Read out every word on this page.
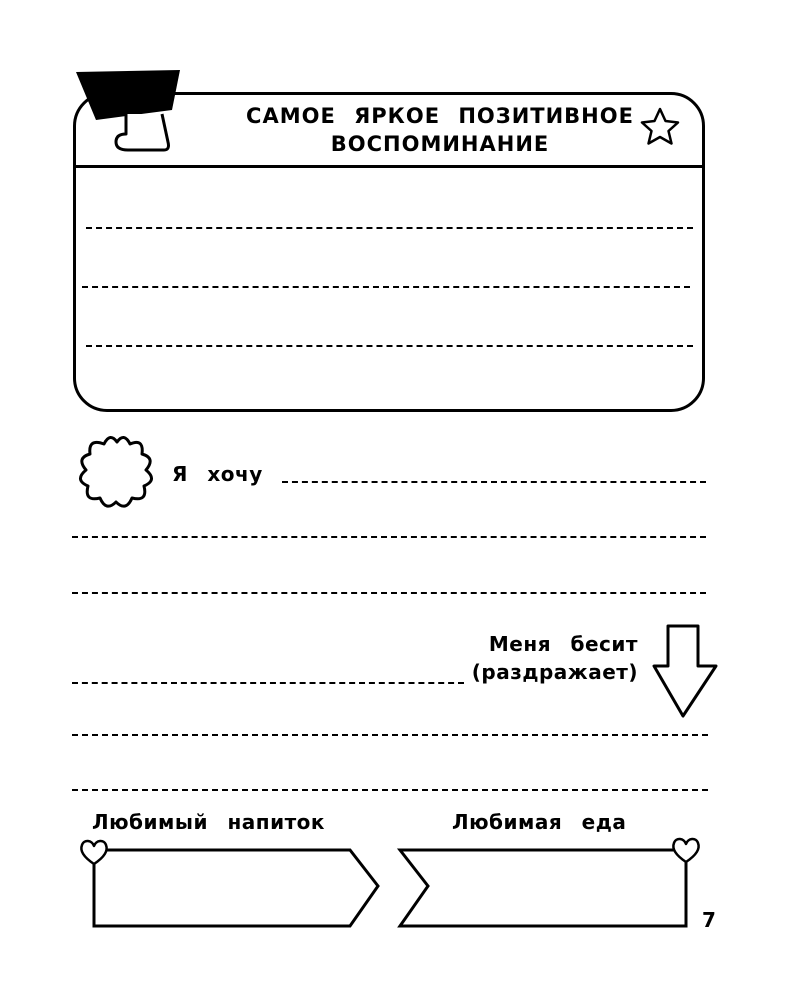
САМОЕ ЯРКОЕ ПОЗИТИВНОЕ
ВОСПОМИНАНИЕ
Я хочу
Меня бесит
(раздражает)
Любимый напиток	Любимая еда
7
